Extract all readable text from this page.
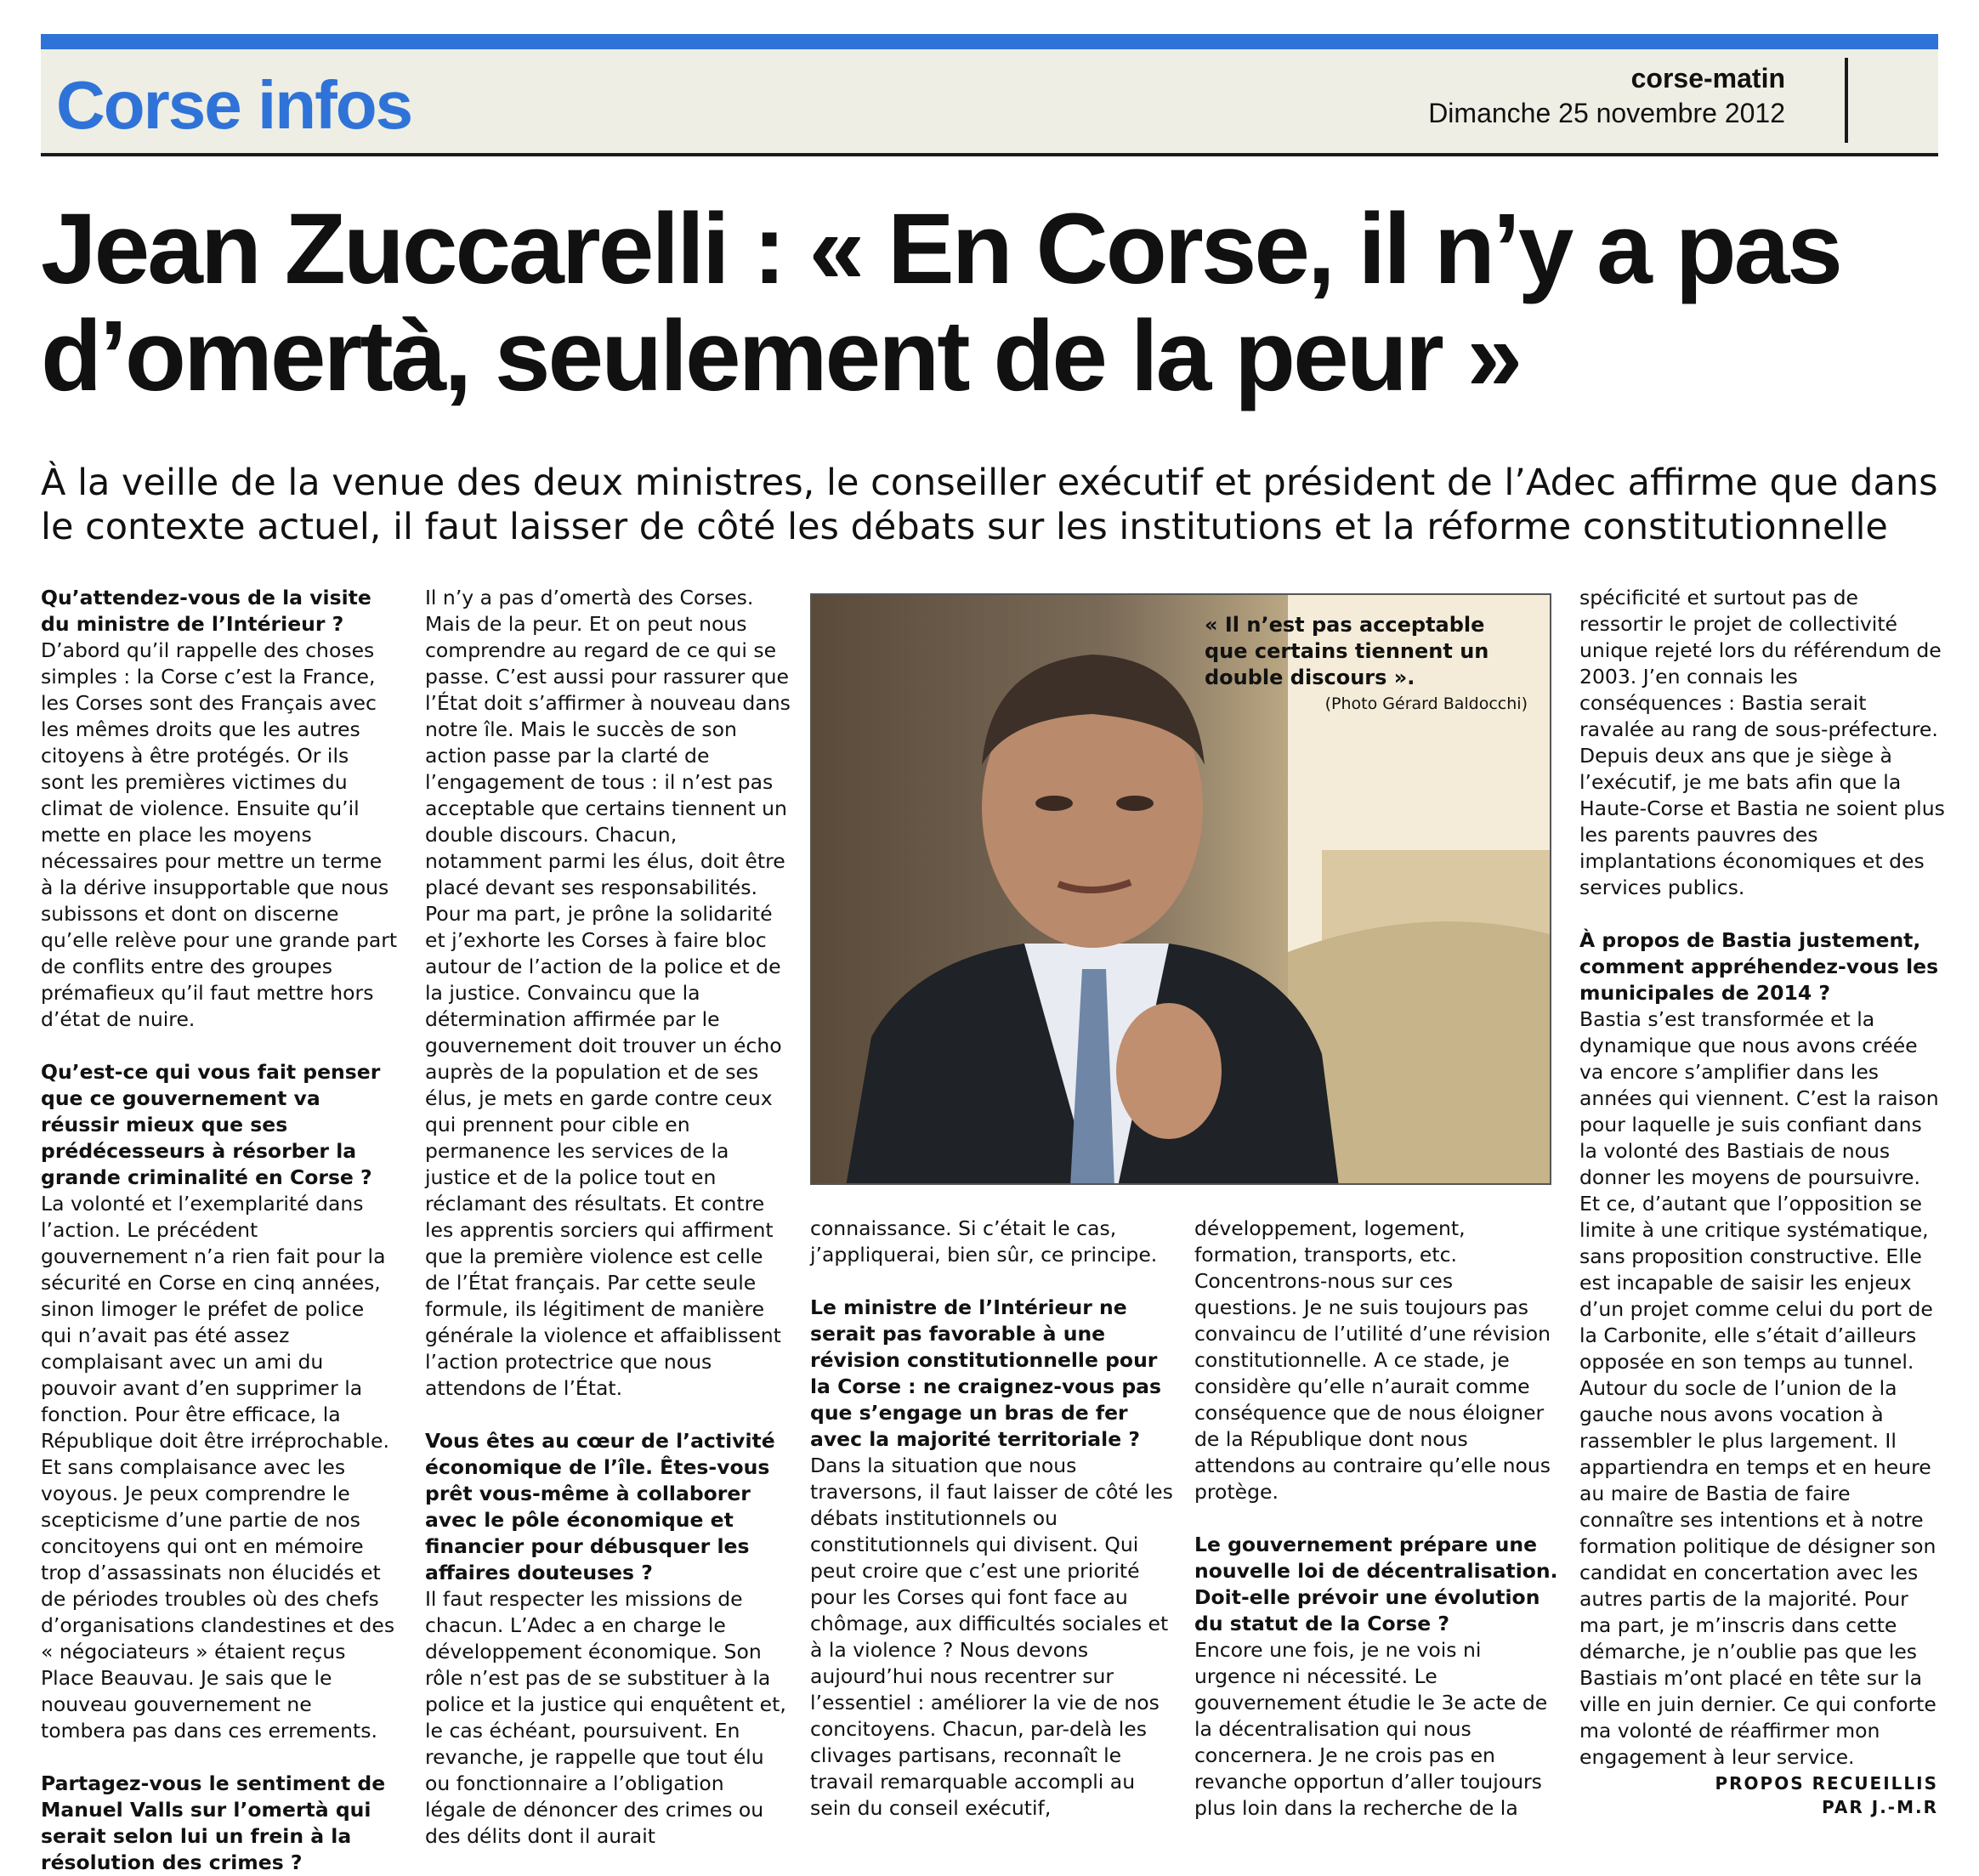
Corse infos	corse-matin
Dimanche 25 novembre 2012
Jean Zuccarelli : « En Corse, il n’y a pas
d’omertà, seulement de la peur »
À la veille de la venue des deux ministres, le conseiller exécutif et président de l’Adec affirme que dans le contexte actuel, il faut laisser de côté les débats sur les institutions et la réforme constitutionnelle

Qu’attendez-vous de la visite du ministre de l’Intérieur ?

D’abord qu’il rappelle des choses simples : la Corse c’est la France, les Corses sont des Français avec les mêmes droits que les autres citoyens à être protégés. Or ils sont les premières victimes du climat de violence. Ensuite qu’il mette en place les moyens nécessaires pour mettre un terme à la dérive insupportable que nous subissons et dont on discerne qu’elle relève pour une grande part de conflits entre des groupes prémafieux qu’il faut mettre hors d’état de nuire.

Qu’est-ce qui vous fait penser que ce gouvernement va réussir mieux que ses prédécesseurs à résorber la grande criminalité en Corse ?

La volonté et l’exemplarité dans l’action. Le précédent gouvernement n’a rien fait pour la sécurité en Corse en cinq années, sinon limoger le préfet de police qui n’avait pas été assez complaisant avec un ami du pouvoir avant d’en supprimer la fonction. Pour être efficace, la République doit être irréprochable. Et sans complaisance avec les voyous. Je peux comprendre le scepticisme d’une partie de nos concitoyens qui ont en mémoire trop d’assassinats non élucidés et de périodes troubles où des chefs d’organisations clandestines et des « négociateurs » étaient reçus Place Beauvau. Je sais que le nouveau gouvernement ne tombera pas dans ces errements.

Partagez-vous le sentiment de Manuel Valls sur l’omertà qui serait selon lui un frein à la résolution des crimes ?

Il n’y a pas d’omertà des Corses. Mais de la peur. Et on peut nous comprendre au regard de ce qui se passe. C’est aussi pour rassurer que l’État doit s’affirmer à nouveau dans notre île. Mais le succès de son action passe par la clarté de l’engagement de tous : il n’est pas acceptable que certains tiennent un double discours. Chacun, notamment parmi les élus, doit être placé devant ses responsabilités. Pour ma part, je prône la solidarité et j’exhorte les Corses à faire bloc autour de l’action de la police et de la justice. Convaincu que la détermination affirmée par le gouvernement doit trouver un écho auprès de la population et de ses élus, je mets en garde contre ceux qui prennent pour cible en permanence les services de la justice et de la police tout en réclamant des résultats. Et contre les apprentis sorciers qui affirment que la première violence est celle de l’État français. Par cette seule formule, ils légitiment de manière générale la violence et affaiblissent l’action protectrice que nous attendons de l’État.

Vous êtes au cœur de l’activité économique de l’île. Êtes-vous prêt vous-même à collaborer avec le pôle économique et financier pour débusquer les affaires douteuses ?

Il faut respecter les missions de chacun. L’Adec a en charge le développement économique. Son rôle n’est pas de se substituer à la police et la justice qui enquêtent et, le cas échéant, poursuivent. En revanche, je rappelle que tout élu ou fonctionnaire a l’obligation légale de dénoncer des crimes ou des délits dont il aurait

« Il n’est pas acceptable que certains tiennent un double discours ».
(Photo Gérard Baldocchi)

connaissance. Si c’était le cas, j’appliquerai, bien sûr, ce principe.

Le ministre de l’Intérieur ne serait pas favorable à une révision constitutionnelle pour la Corse : ne craignez-vous pas que s’engage un bras de fer avec la majorité territoriale ?

Dans la situation que nous traversons, il faut laisser de côté les débats institutionnels ou constitutionnels qui divisent. Qui peut croire que c’est une priorité pour les Corses qui font face au chômage, aux difficultés sociales et à la violence ? Nous devons aujourd’hui nous recentrer sur l’essentiel : améliorer la vie de nos concitoyens. Chacun, par-delà les clivages partisans, reconnaît le travail remarquable accompli au sein du conseil exécutif,

développement, logement, formation, transports, etc. Concentrons-nous sur ces questions. Je ne suis toujours pas convaincu de l’utilité d’une révision constitutionnelle. A ce stade, je considère qu’elle n’aurait comme conséquence que de nous éloigner de la République dont nous attendons au contraire qu’elle nous protège.

Le gouvernement prépare une nouvelle loi de décentralisation. Doit-elle prévoir une évolution du statut de la Corse ?

Encore une fois, je ne vois ni urgence ni nécessité. Le gouvernement étudie le 3e acte de la décentralisation qui nous concernera. Je ne crois pas en revanche opportun d’aller toujours plus loin dans la recherche de la

spécificité et surtout pas de ressortir le projet de collectivité unique rejeté lors du référendum de 2003. J’en connais les conséquences : Bastia serait ravalée au rang de sous-préfecture. Depuis deux ans que je siège à l’exécutif, je me bats afin que la Haute-Corse et Bastia ne soient plus les parents pauvres des implantations économiques et des services publics.

À propos de Bastia justement, comment appréhendez-vous les municipales de 2014 ?

Bastia s’est transformée et la dynamique que nous avons créée va encore s’amplifier dans les années qui viennent. C’est la raison pour laquelle je suis confiant dans la volonté des Bastiais de nous donner les moyens de poursuivre. Et ce, d’autant que l’opposition se limite à une critique systématique, sans proposition constructive. Elle est incapable de saisir les enjeux d’un projet comme celui du port de la Carbonite, elle s’était d’ailleurs opposée en son temps au tunnel. Autour du socle de l’union de la gauche nous avons vocation à rassembler le plus largement. Il appartiendra en temps et en heure au maire de Bastia de faire connaître ses intentions et à notre formation politique de désigner son candidat en concertation avec les autres partis de la majorité. Pour ma part, je m’inscris dans cette démarche, je n’oublie pas que les Bastiais m’ont placé en tête sur la ville en juin dernier. Ce qui conforte ma volonté de réaffirmer mon engagement à leur service.

PROPOS RECUEILLIS
PAR J.-M.R
